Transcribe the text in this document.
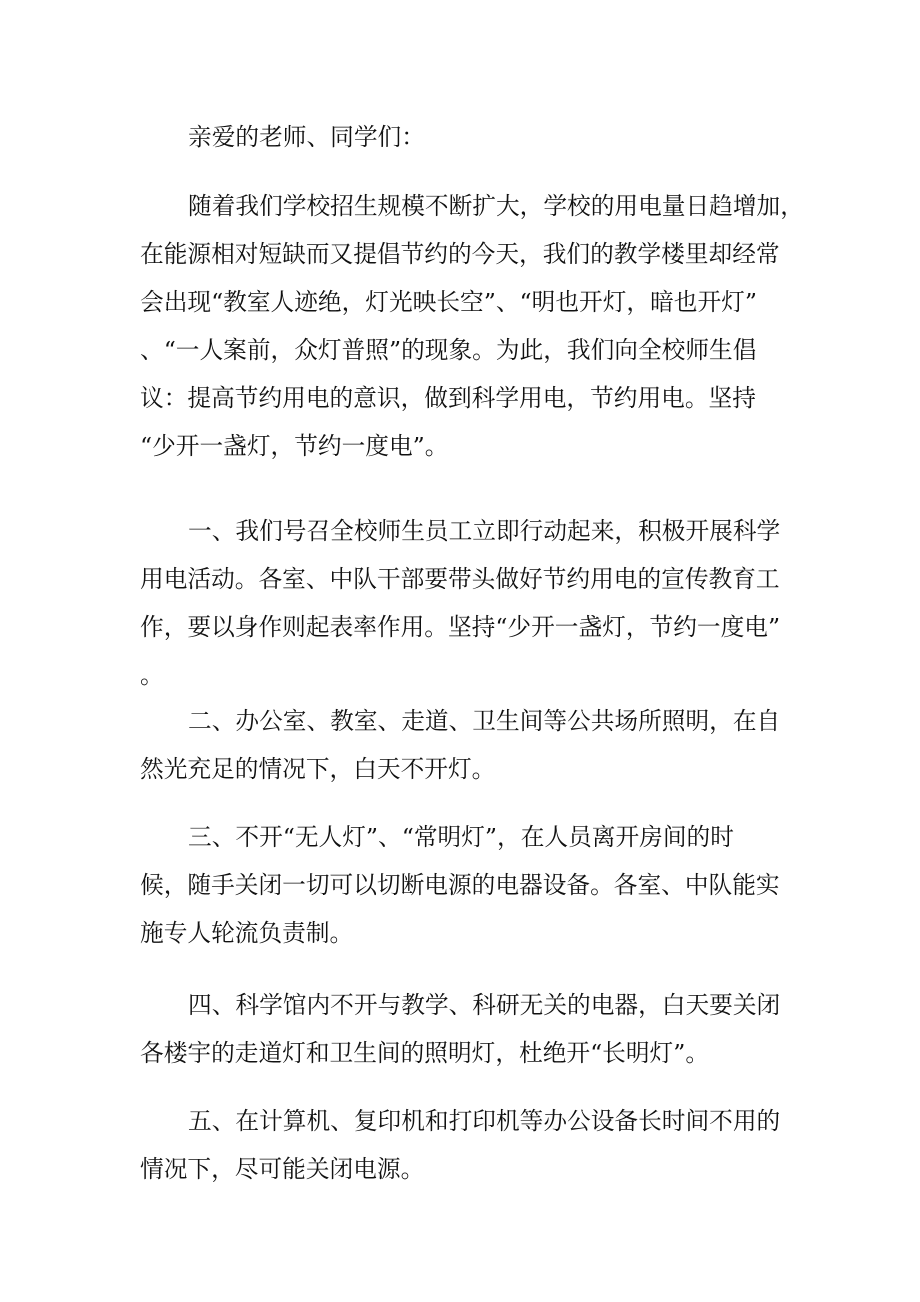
亲爱的老师、同学们：
随着我们学校招生规模不断扩大，学校的用电量日趋增加，
在能源相对短缺而又提倡节约的今天，我们的教学楼里却经常
会出现“教室人迹绝，灯光映长空”、“明也开灯，暗也开灯”
、“一人案前，众灯普照”的现象。为此，我们向全校师生倡
议：提高节约用电的意识，做到科学用电，节约用电。坚持
“少开一盏灯，节约一度电”。
一、我们号召全校师生员工立即行动起来，积极开展科学
用电活动。各室、中队干部要带头做好节约用电的宣传教育工
作，要以身作则起表率作用。坚持“少开一盏灯，节约一度电”
。
二、办公室、教室、走道、卫生间等公共场所照明，在自
然光充足的情况下，白天不开灯。
三、不开“无人灯”、“常明灯”，在人员离开房间的时
候，随手关闭一切可以切断电源的电器设备。各室、中队能实
施专人轮流负责制。
四、科学馆内不开与教学、科研无关的电器，白天要关闭
各楼宇的走道灯和卫生间的照明灯，杜绝开“长明灯”。
五、在计算机、复印机和打印机等办公设备长时间不用的
情况下，尽可能关闭电源。
